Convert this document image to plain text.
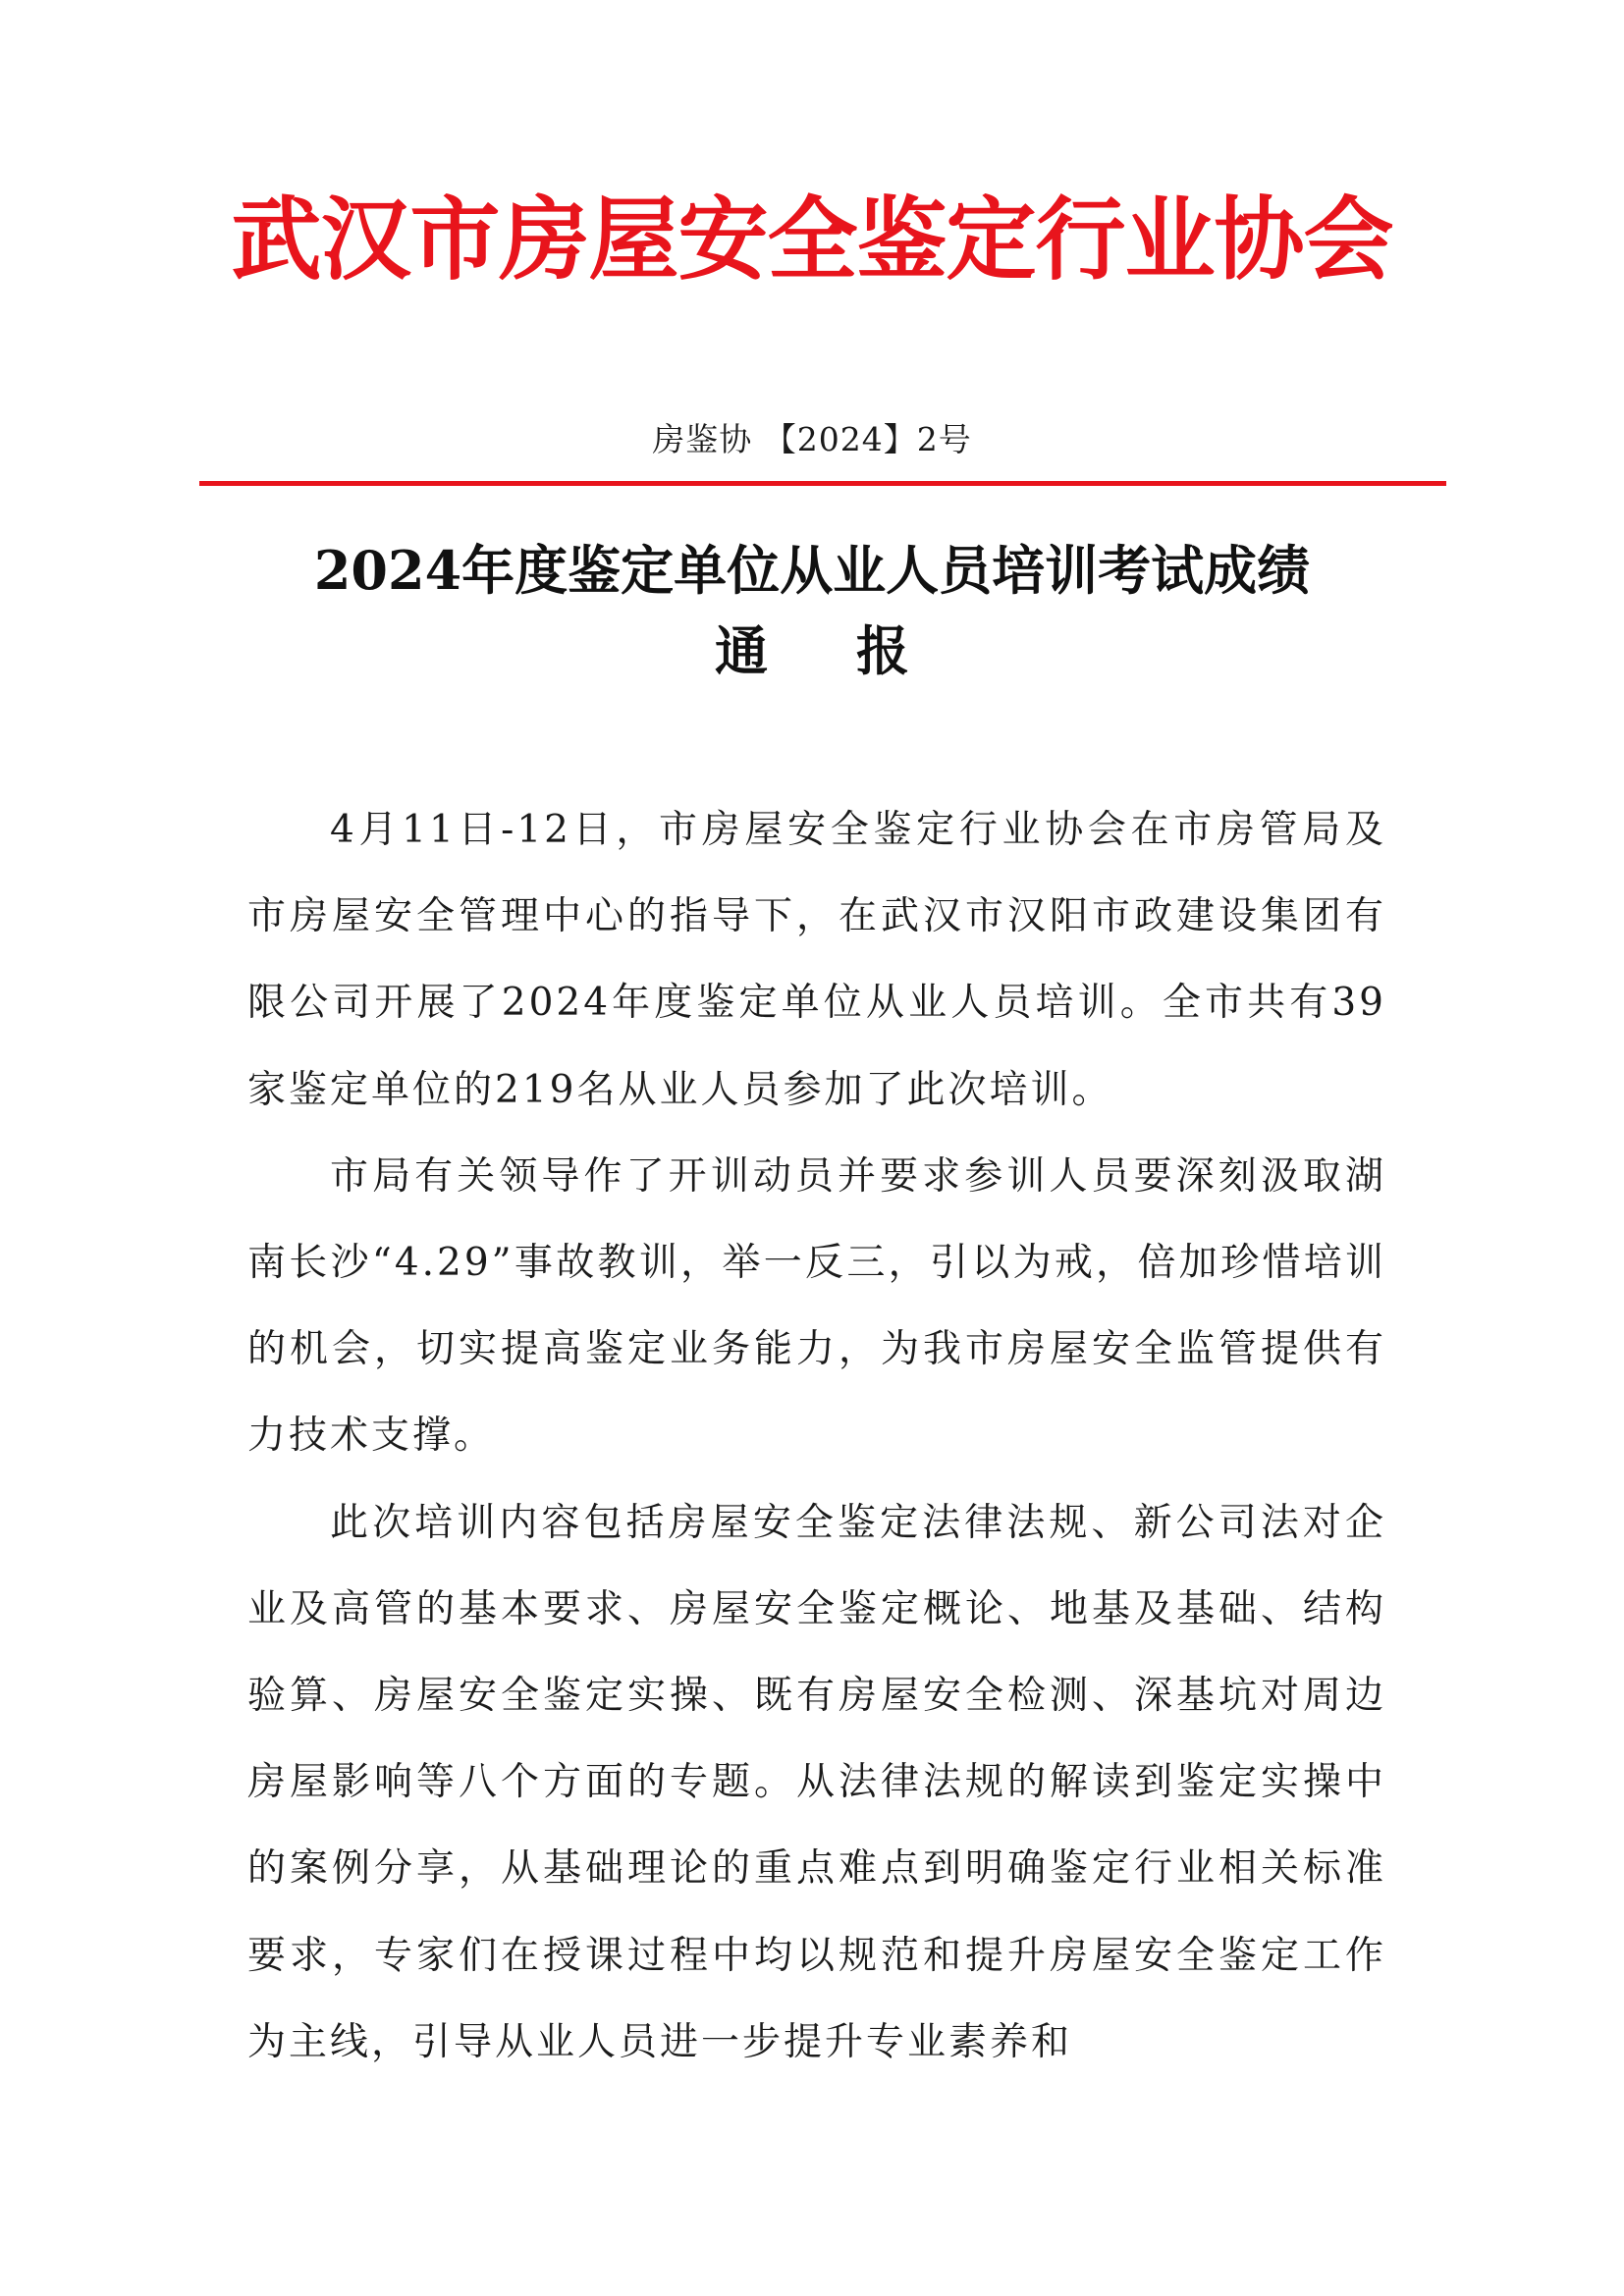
武汉市房屋安全鉴定行业协会
房鉴协 【2024】2号
2024年度鉴定单位从业人员培训考试成绩
通报

4月11日-12日，市房屋安全鉴定行业协会在市房管局及市房屋安全管理中心的指导下，在武汉市汉阳市政建设集团有限公司开展了2024年度鉴定单位从业人员培训。全市共有39家鉴定单位的219名从业人员参加了此次培训。

市局有关领导作了开训动员并要求参训人员要深刻汲取湖南长沙“4.29”事故教训，举一反三，引以为戒，倍加珍惜培训的机会，切实提高鉴定业务能力，为我市房屋安全监管提供有力技术支撑。

此次培训内容包括房屋安全鉴定法律法规、新公司法对企业及高管的基本要求、房屋安全鉴定概论、地基及基础、结构验算、房屋安全鉴定实操、既有房屋安全检测、深基坑对周边房屋影响等八个方面的专题。从法律法规的解读到鉴定实操中的案例分享，从基础理论的重点难点到明确鉴定行业相关标准要求，专家们在授课过程中均以规范和提升房屋安全鉴定工作为主线，引导从业人员进一步提升专业素养和
